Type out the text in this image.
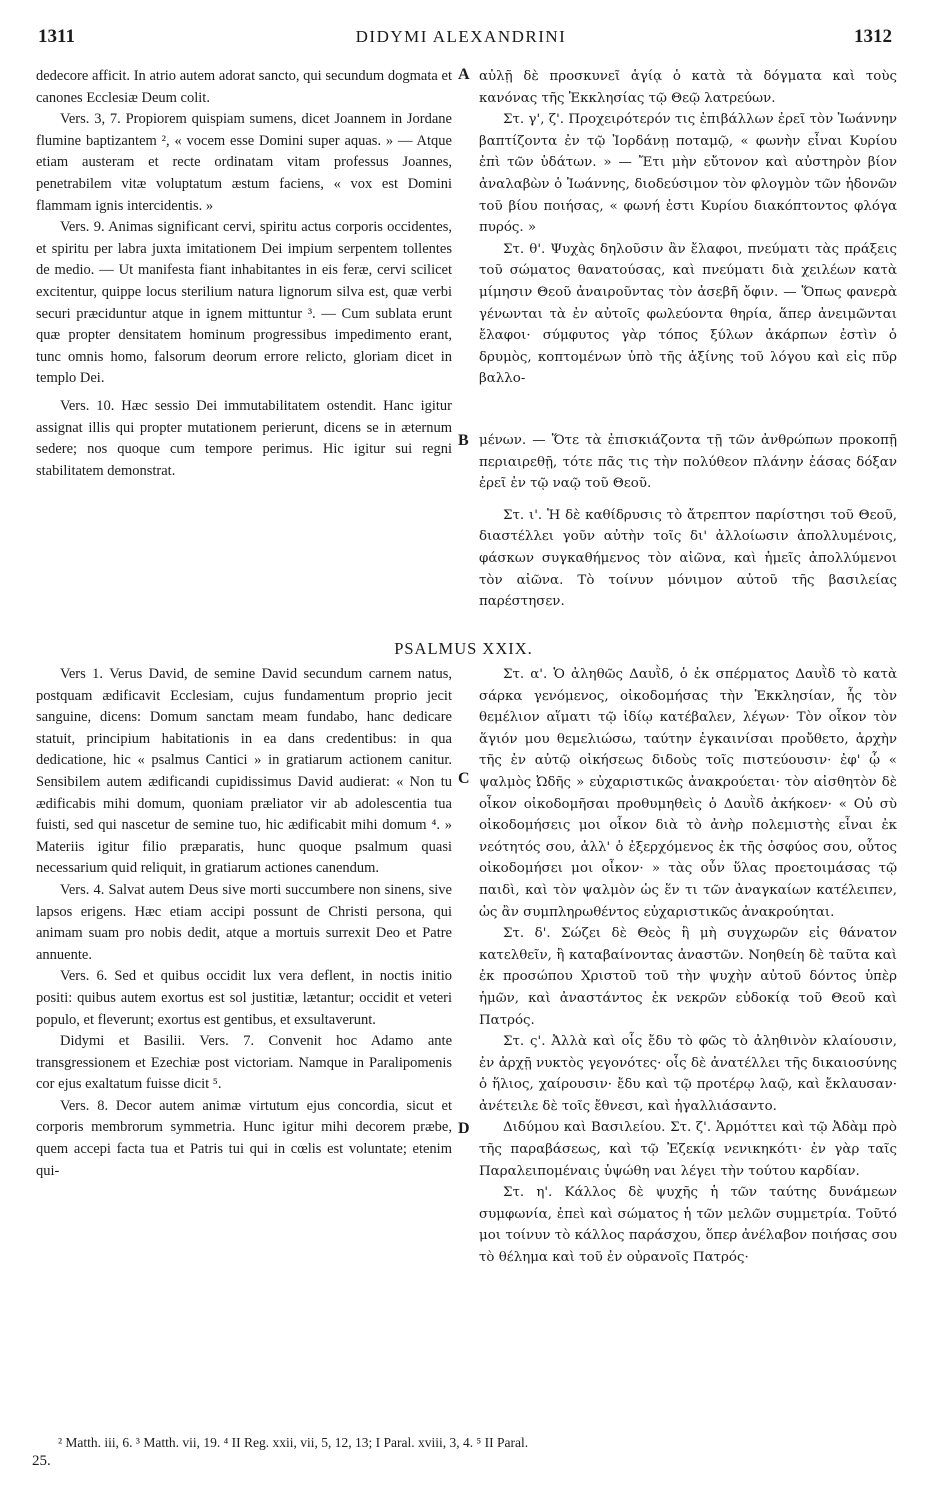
1311	DIDYMI ALEXANDRINI	1312

dedecore afficit. In atrio autem adorat sancto, qui secundum dogmata et canones Ecclesiæ Deum colit.

Vers. 3, 7. Propiorem quispiam sumens, dicet Joannem in Jordane flumine baptizantem ², « vocem esse Domini super aquas. » — Atque etiam austeram et recte ordinatam vitam professus Joannes, penetrabilem vitæ voluptatum æstum faciens, « vox est Domini flammam ignis intercidentis. »

Vers. 9. Animas significant cervi, spiritu actus corporis occidentes, et spiritu per labra juxta imitationem Dei impium serpentem tollentes de medio. — Ut manifesta fiant inhabitantes in eis feræ, cervi scilicet excitentur, quippe locus sterilium natura lignorum silva est, quæ verbi securi præciduntur atque in ignem mittuntur ³. — Cum sublata erunt quæ propter densitatem hominum progressibus impedimento erant, tunc omnis homo, falsorum deorum errore relicto, gloriam dicet in templo Dei.

Vers. 10. Hæc sessio Dei immutabilitatem ostendit. Hanc igitur assignat illis qui propter mutationem perierunt, dicens se in æternum sedere; nos quoque cum tempore perimus. Hic igitur sui regni stabilitatem demonstrat.

αὐλῇ δὲ προσκυνεῖ ἁγίᾳ ὁ κατὰ τὰ δόγματα καὶ τοὺς κανόνας τῆς Ἐκκλησίας τῷ Θεῷ λατρεύων.

Στ. γ', ζ'. Προχειρότερόν τις ἐπιβάλλων ἐρεῖ τὸν Ἰωάννην βαπτίζοντα ἐν τῷ Ἰορδάνῃ ποταμῷ, « φωνὴν εἶναι Κυρίου ἐπὶ τῶν ὑδάτων. » — Ἔτι μὴν εὔτονον καὶ αὐστηρὸν βίον ἀναλαβὼν ὁ Ἰωάννης, διοδεύσιμον τὸν φλογμὸν τῶν ἡδονῶν τοῦ βίου ποιήσας, « φωνή ἐστι Κυρίου διακόπτοντος φλόγα πυρός. »

Στ. θ'. Ψυχὰς δηλοῦσιν ἂν ἔλαφοι, πνεύματι τὰς πράξεις τοῦ σώματος θανατούσας, καὶ πνεύματι διὰ χειλέων κατὰ μίμησιν Θεοῦ ἀναιροῦντας τὸν ἀσεβῆ ὄφιν. — Ὅπως φανερὰ γένωνται τὰ ἐν αὐτοῖς φωλεύοντα θηρία, ἅπερ ἀνειμῶνται ἔλαφοι· σύμφυτος γὰρ τόπος ξύλων ἀκάρπων ἐστὶν ὁ δρυμὸς, κοπτομένων ὑπὸ τῆς ἀξίνης τοῦ λόγου καὶ εἰς πῦρ βαλλο-

μένων. — Ὅτε τὰ ἐπισκιάζοντα τῇ τῶν ἀνθρώπων προκοπῇ περιαιρεθῇ, τότε πᾶς τις τὴν πολύθεον πλάνην ἐάσας δόξαν ἐρεῖ ἐν τῷ ναῷ τοῦ Θεοῦ.

Στ. ι'. Ἡ δὲ καθίδρυσις τὸ ἄτρεπτον παρίστησι τοῦ Θεοῦ, διαστέλλει γοῦν αὐτὴν τοῖς δι' ἀλλοίωσιν ἀπολλυμένοις, φάσκων συγκαθήμενος τὸν αἰῶνα, καὶ ἡμεῖς ἀπολλύμενοι τὸν αἰῶνα. Τὸ τοίνυν μόνιμον αὐτοῦ τῆς βασιλείας παρέστησεν.

A
B
C
D
PSALMUS XXIX.

Vers 1. Verus David, de semine David secundum carnem natus, postquam ædificavit Ecclesiam, cujus fundamentum proprio jecit sanguine, dicens: Domum sanctam meam fundabo, hanc dedicare statuit, principium habitationis in ea dans credentibus: in qua dedicatione, hic « psalmus Cantici » in gratiarum actionem canitur. Sensibilem autem ædificandi cupidissimus David audierat: « Non tu ædificabis mihi domum, quoniam præliator vir ab adolescentia tua fuisti, sed qui nascetur de semine tuo, hic ædificabit mihi domum ⁴. » Materiis igitur filio præparatis, hunc quoque psalmum quasi necessarium quid reliquit, in gratiarum actiones canendum.

Vers. 4. Salvat autem Deus sive morti succumbere non sinens, sive lapsos erigens. Hæc etiam accipi possunt de Christi persona, qui animam suam pro nobis dedit, atque a mortuis surrexit Deo et Patre annuente.

Vers. 6. Sed et quibus occidit lux vera deflent, in noctis initio positi: quibus autem exortus est sol justitiæ, lætantur; occidit et veteri populo, et fleverunt; exortus est gentibus, et exsultaverunt.

Didymi et Basilii. Vers. 7. Convenit hoc Adamo ante transgressionem et Ezechiæ post victoriam. Namque in Paralipomenis cor ejus exaltatum fuisse dicit ⁵.

Vers. 8. Decor autem animæ virtutum ejus concordia, sicut et corporis membrorum symmetria. Hunc igitur mihi decorem præbe, quem accepi facta tua et Patris tui qui in cœlis est voluntate; etenim qui-

Στ. α'. Ὁ ἀληθῶς Δαυῒδ, ὁ ἐκ σπέρματος Δαυῒδ τὸ κατὰ σάρκα γενόμενος, οἰκοδομήσας τὴν Ἐκκλησίαν, ἧς τὸν θεμέλιον αἵματι τῷ ἰδίῳ κατέβαλεν, λέγων· Τὸν οἶκον τὸν ἅγιόν μου θεμελιώσω, ταύτην ἐγκαινίσαι προὔθετο, ἀρχὴν τῆς ἐν αὐτῷ οἰκήσεως διδοὺς τοῖς πιστεύουσιν· ἐφ' ᾧ « ψαλμὸς Ὠδῆς » εὐχαριστικῶς ἀνακρούεται· τὸν αἰσθητὸν δὲ οἶκον οἰκοδομῆσαι προθυμηθεὶς ὁ Δαυῒδ ἀκήκοεν· « Οὐ σὺ οἰκοδομήσεις μοι οἶκον διὰ τὸ ἀνὴρ πολεμιστὴς εἶναι ἐκ νεότητός σου, ἀλλ' ὁ ἐξερχόμενος ἐκ τῆς ὀσφύος σου, οὗτος οἰκοδομήσει μοι οἶκον· » τὰς οὖν ὕλας προετοιμάσας τῷ παιδὶ, καὶ τὸν ψαλμὸν ὡς ἕν τι τῶν ἀναγκαίων κατέλειπεν, ὡς ἂν συμπληρωθέντος εὐχαριστικῶς ἀνακρούηται.

Στ. δ'. Σώζει δὲ Θεὸς ἢ μὴ συγχωρῶν εἰς θάνατον κατελθεῖν, ἢ καταβαίνοντας ἀναστῶν. Νοηθείη δὲ ταῦτα καὶ ἐκ προσώπου Χριστοῦ τοῦ τὴν ψυχὴν αὐτοῦ δόντος ὑπὲρ ἡμῶν, καὶ ἀναστάντος ἐκ νεκρῶν εὐδοκίᾳ τοῦ Θεοῦ καὶ Πατρός.

Στ. ς'. Ἀλλὰ καὶ οἷς ἔδυ τὸ φῶς τὸ ἀληθινὸν κλαίουσιν, ἐν ἀρχῇ νυκτὸς γεγονότες· οἷς δὲ ἀνατέλλει τῆς δικαιοσύνης ὁ ἥλιος, χαίρουσιν· ἔδυ καὶ τῷ προτέρῳ λαῷ, καὶ ἔκλαυσαν· ἀνέτειλε δὲ τοῖς ἔθνεσι, καὶ ἠγαλλιάσαντο.

Διδύμου καὶ Βασιλείου. Στ. ζ'. Ἁρμόττει καὶ τῷ Ἀδὰμ πρὸ τῆς παραβάσεως, καὶ τῷ Ἐζεκίᾳ νενικηκότι· ἐν γὰρ ταῖς Παραλειπομέναις ὑψώθη ναι λέγει τὴν τούτου καρδίαν.

Στ. η'. Κάλλος δὲ ψυχῆς ἡ τῶν ταύτης δυνάμεων συμφωνία, ἐπεὶ καὶ σώματος ἡ τῶν μελῶν συμμετρία. Τοῦτό μοι τοίνυν τὸ κάλλος παράσχου, ὅπερ ἀνέλαβον ποιήσας σου τὸ θέλημα καὶ τοῦ ἐν οὐρανοῖς Πατρός·

² Matth. iii, 6. ³ Matth. vii, 19. ⁴ II Reg. xxii, vii, 5, 12, 13; I Paral. xviii, 3, 4. ⁵ II Paral.
25.
